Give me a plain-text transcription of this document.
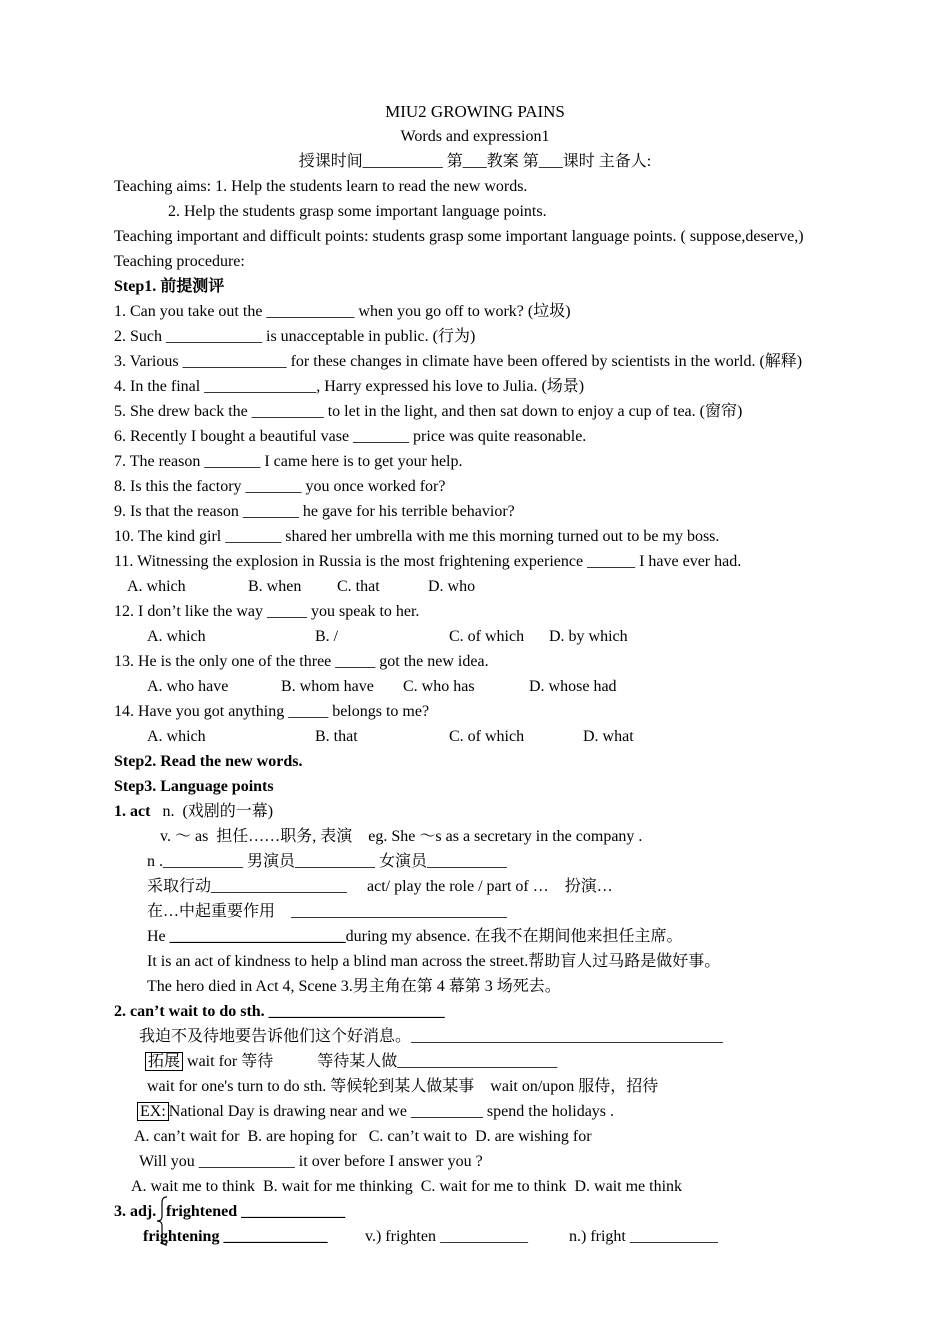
MIU2 GROWING PAINS
Words and expression1
授课时间__________ 第___教案 第___课时 主备人:
Teaching aims: 1. Help the students learn to read the new words.
2. Help the students grasp some important language points.
Teaching important and difficult points: students grasp some important language points. ( suppose,deserve,)
Teaching procedure:
Step1. 前提测评
1. Can you take out the ___________ when you go off to work? (垃圾)
2. Such ____________ is unacceptable in public. (行为)
3. Various _____________ for these changes in climate have been offered by scientists in the world. (解释)
4. In the final ______________, Harry expressed his love to Julia. (场景)
5. She drew back the _________ to let in the light, and then sat down to enjoy a cup of tea. (窗帘)
6. Recently I bought a beautiful vase _______ price was quite reasonable.
7. The reason _______ I came here is to get your help.
8. Is this the factory _______ you once worked for?
9. Is that the reason _______ he gave for his terrible behavior?
10. The kind girl _______ shared her umbrella with me this morning turned out to be my boss.
11. Witnessing the explosion in Russia is the most frightening experience ______ I have ever had.
A. which	B. when C. that	D. who
12. I don’t like the way _____ you speak to her.
A. which	B. /	C. of which D. by which
13. He is the only one of the three _____ got the new idea.
A. who have	B. whom have C. who has	D. whose had
14. Have you got anything _____ belongs to me?
A. which	B. that	C. of which	D. what
Step2. Read the new words.
Step3. Language points
1. act n.  (戏剧的一幕)
v. ～ as  担任……职务, 表演    eg. She ～s as a secretary in the company .
n .__________ 男演员__________ 女演员__________
采取行动_________________     act/ play the role / part of …    扮演…
在…中起重要作用    ___________________________
He ______________________during my absence. 在我不在期间他来担任主席。
It is an act of kindness to help a blind man across the street.帮助盲人过马路是做好事。
The hero died in Act 4, Scene 3.男主角在第 4 幕第 3 场死去。
2. can’t wait to do sth. ______________________
我迫不及待地要告诉他们这个好消息。_______________________________________
拓展 wait for 等待           等待某人做____________________
wait for one's turn to do sth. 等候轮到某人做某事    wait on/upon 服侍，招待
EX: National Day is drawing near and we _________ spend the holidays .
A. can’t wait for  B. are hoping for   C. can’t wait to  D. are wishing for
Will you ____________ it over before I answer you ?
A. wait me to think  B. wait for me thinking  C. wait for me to think  D. wait me think
3. adj. frightened _____________
frightening _____________ v.) frighten ___________	n.) fright ___________
